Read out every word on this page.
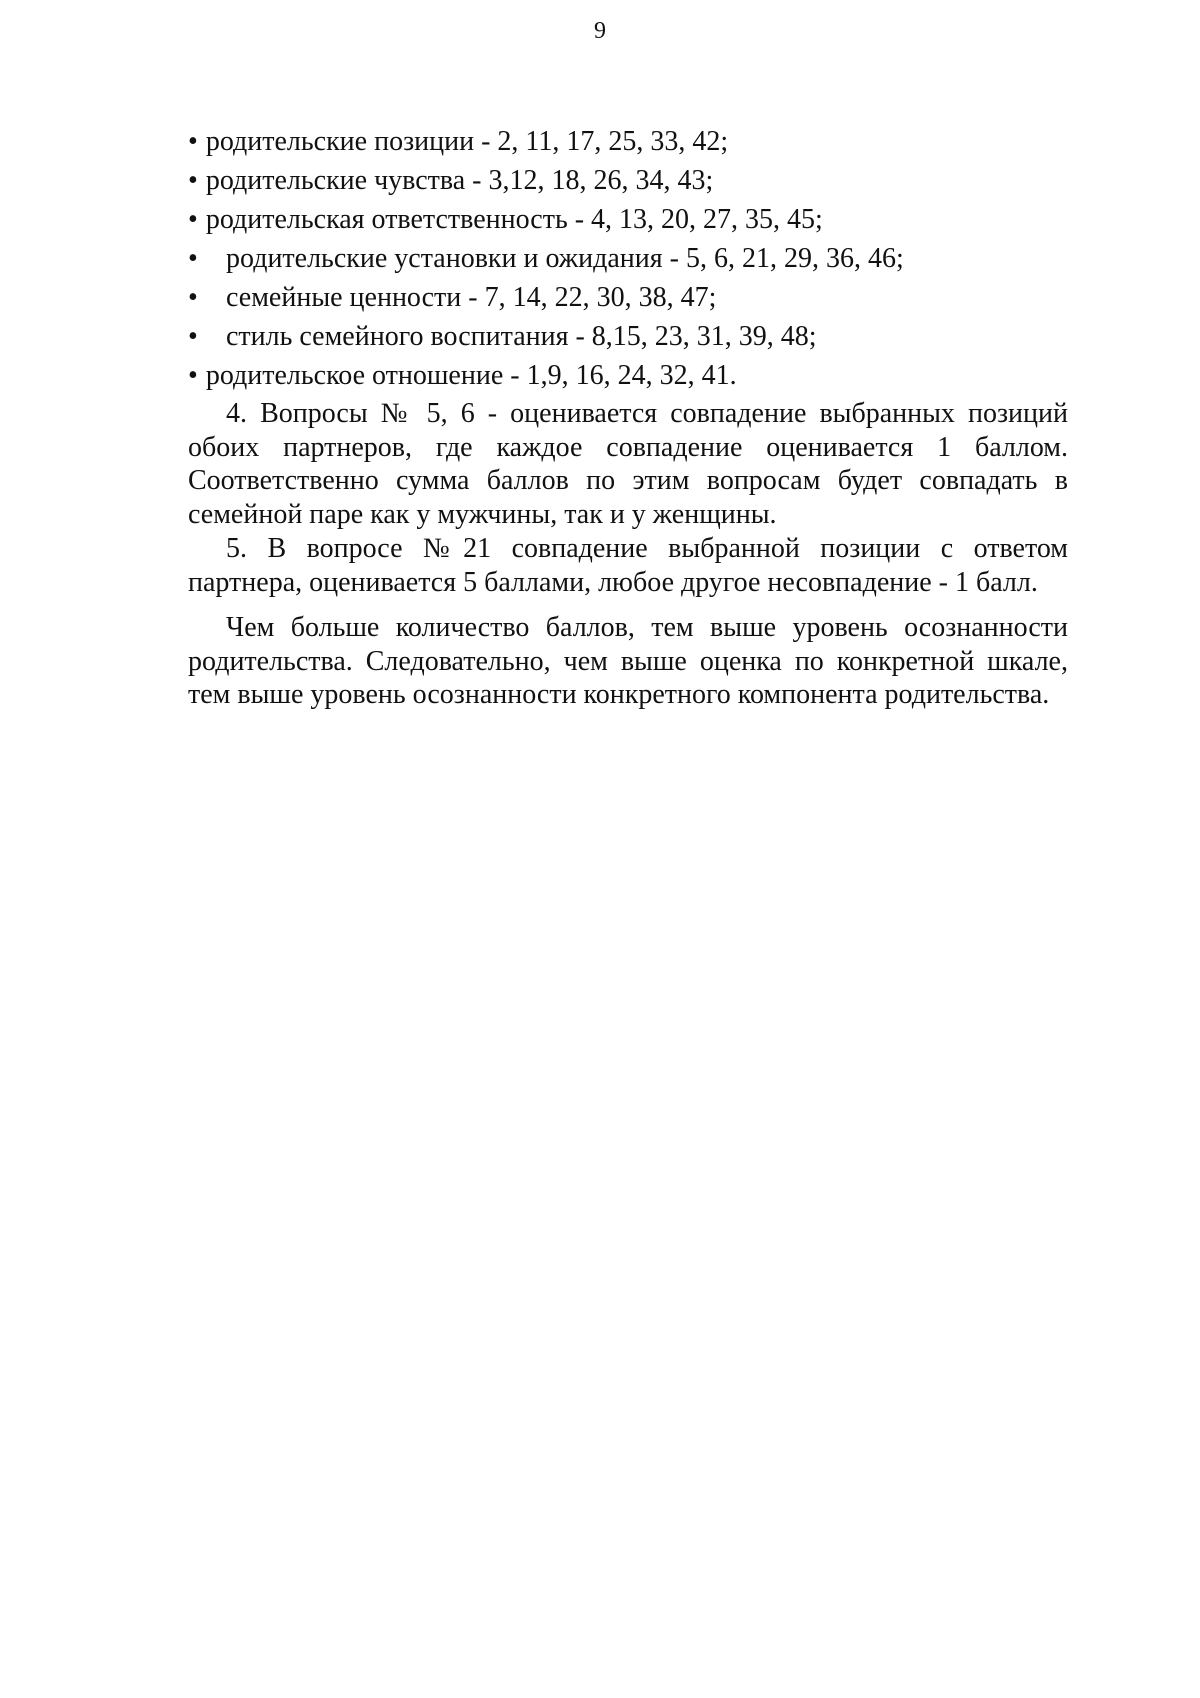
9
• родительские позиции - 2, 11, 17, 25, 33, 42;
• родительские чувства - 3,12, 18, 26, 34, 43;
• родительская ответственность - 4, 13, 20, 27, 35, 45;
• родительские установки и ожидания - 5, 6, 21, 29, 36, 46;
• семейные ценности - 7, 14, 22, 30, 38, 47;
• стиль семейного воспитания - 8,15, 23, 31, 39, 48;
• родительское отношение - 1,9, 16, 24, 32, 41.

4. Вопросы № 5, 6 - оценивается совпадение выбранных позиций обоих партнеров, где каждое совпадение оценивается 1 баллом. Соответственно сумма баллов по этим вопросам будет совпадать в семейной паре как у мужчины, так и у женщины.

5. В вопросе №21 совпадение выбранной позиции с ответом партнера, оценивается 5 баллами, любое другое несовпадение - 1 балл.

Чем больше количество баллов, тем выше уровень осознанности родительства. Следовательно, чем выше оценка по конкретной шкале, тем выше уровень осознанности конкретного компонента родительства.
